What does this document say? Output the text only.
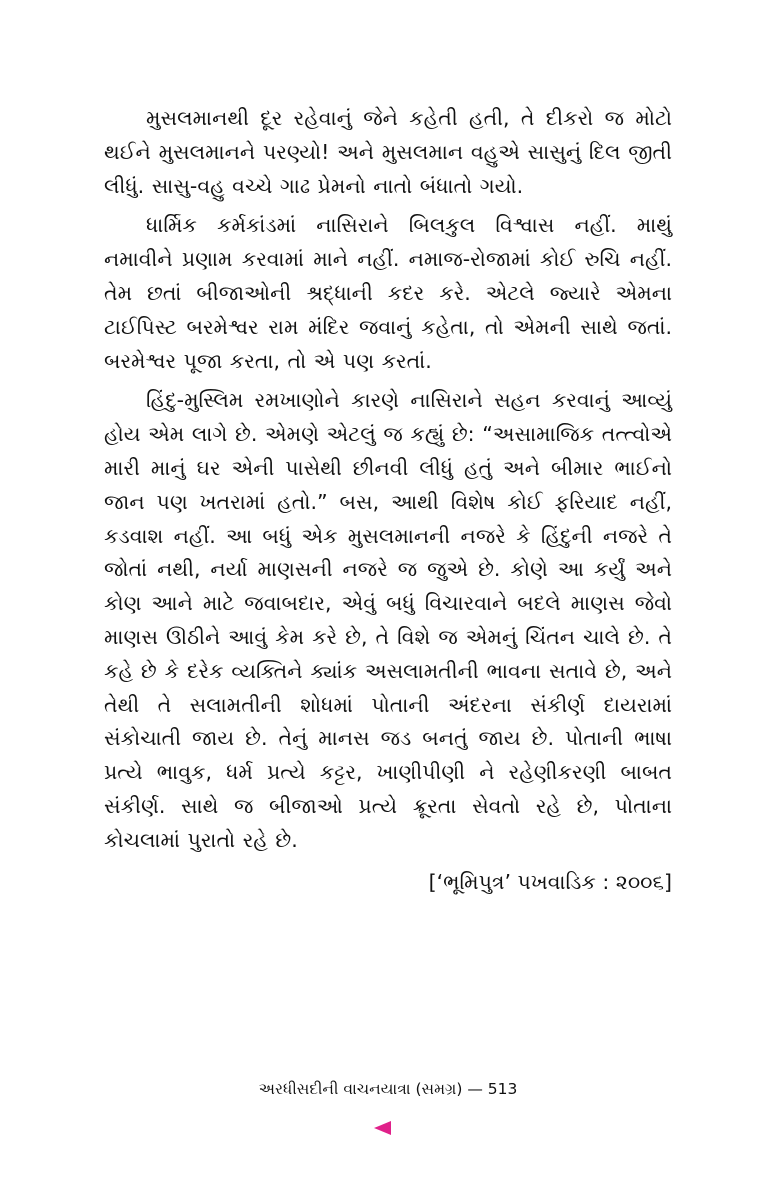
મુસલમાનથી દૂર રહેવાનું જેને કહેતી હતી, તે દીકરો જ મોટો થઈને મુસલમાનને પરણ્યો! અને મુસલમાન વહુએ સાસુનું દિલ જીતી લીધું. સાસુ-વહુ વચ્ચે ગાઢ પ્રેમનો નાતો બંધાતો ગયો.

ધાર્મિક કર્મકાંડમાં નાસિરાને બિલકુલ વિશ્વાસ નહીં. માથું નમાવીને પ્રણામ કરવામાં માને નહીં. નમાજ-રોજામાં કોઈ રુચિ નહીં. તેમ છતાં બીજાઓની શ્રદ્ધાની કદર કરે. એટલે જ્યારે એમના ટાઈપિસ્ટ બરમેશ્વર રામ મંદિર જવાનું કહેતા, તો એમની સાથે જતાં. બરમેશ્વર પૂજા કરતા, તો એ પણ કરતાં.

હિંદુ-મુસ્લિમ રમખાણોને કારણે નાસિરાને સહન કરવાનું આવ્યું હોય એમ લાગે છે. એમણે એટલું જ કહ્યું છે: “અસામાજિક તત્ત્વોએ મારી માનું ઘર એની પાસેથી છીનવી લીધું હતું અને બીમાર ભાઈનો જાન પણ ખતરામાં હતો.” બસ, આથી વિશેષ કોઈ ફરિયાદ નહીં, કડવાશ નહીં. આ બધું એક મુસલમાનની નજરે કે હિંદુની નજરે તે જોતાં નથી, નર્યા માણસની નજરે જ જુએ છે. કોણે આ કર્યું અને કોણ આને માટે જવાબદાર, એવું બધું વિચારવાને બદલે માણસ જેવો માણસ ઊઠીને આવું કેમ કરે છે, તે વિશે જ એમનું ચિંતન ચાલે છે. તે કહે છે કે દરેક વ્યક્તિને ક્યાંક અસલામતીની ભાવના સતાવે છે, અને તેથી તે સલામતીની શોધમાં પોતાની અંદરના સંકીર્ણ દાયરામાં સંકોચાતી જાય છે. તેનું માનસ જડ બનતું જાય છે. પોતાની ભાષા પ્રત્યે ભાવુક, ધર્મ પ્રત્યે કટ્ટર, ખાણીપીણી ને રહેણીકરણી બાબત સંકીર્ણ. સાથે જ બીજાઓ પ્રત્યે ક્રૂરતા સેવતો રહે છે, પોતાના કોચલામાં પુરાતો રહે છે.

[‘ભૂમિપુત્ર’ પખવાડિક : ૨૦૦૬]
અરધીસદીની વાચનયાત્રા (સમગ્ર) — 513
